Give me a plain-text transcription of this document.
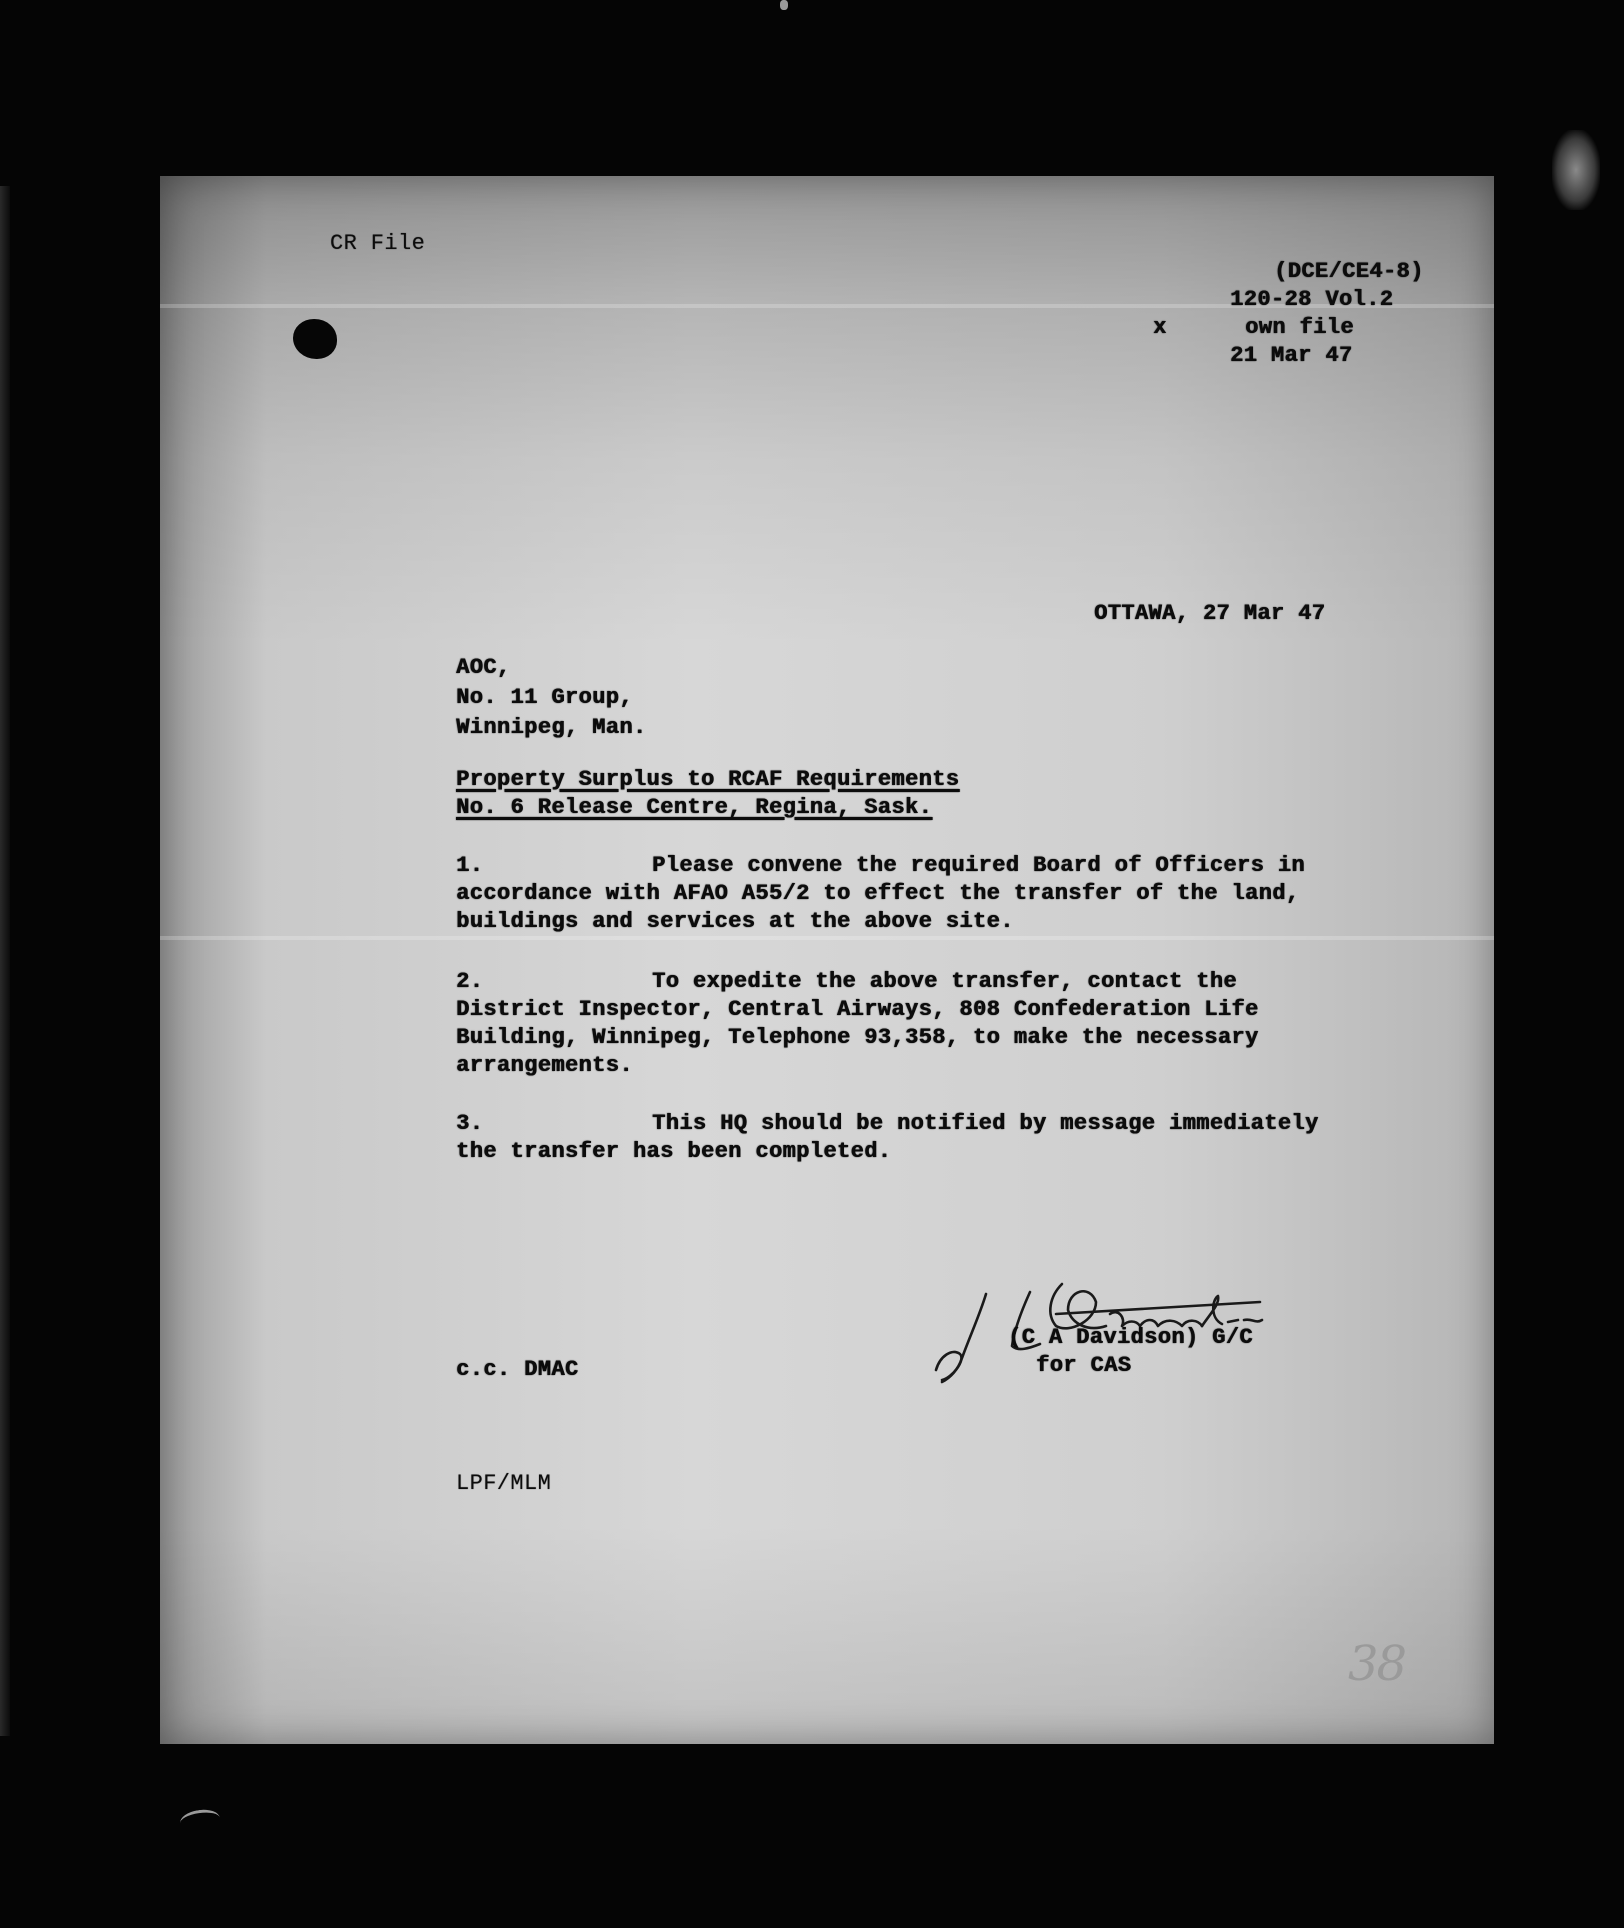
CR File
(DCE/CE4-8)
120-28 Vol.2
x	own file
21 Mar 47
OTTAWA, 27 Mar 47
AOC,
No. 11 Group,
Winnipeg, Man.
Property Surplus to RCAF Requirements
No. 6 Release Centre, Regina, Sask.
1.	Please convene the required Board of Officers in
accordance with AFAO A55/2 to effect the transfer of the land,
buildings and services at the above site.
2.	To expedite the above transfer, contact the
District Inspector, Central Airways, 808 Confederation Life
Building, Winnipeg, Telephone 93,358, to make the necessary
arrangements.
3.	This HQ should be notified by message immediately
the transfer has been completed.
(C A Davidson) G/C
for CAS
c.c. DMAC
LPF/MLM
38
